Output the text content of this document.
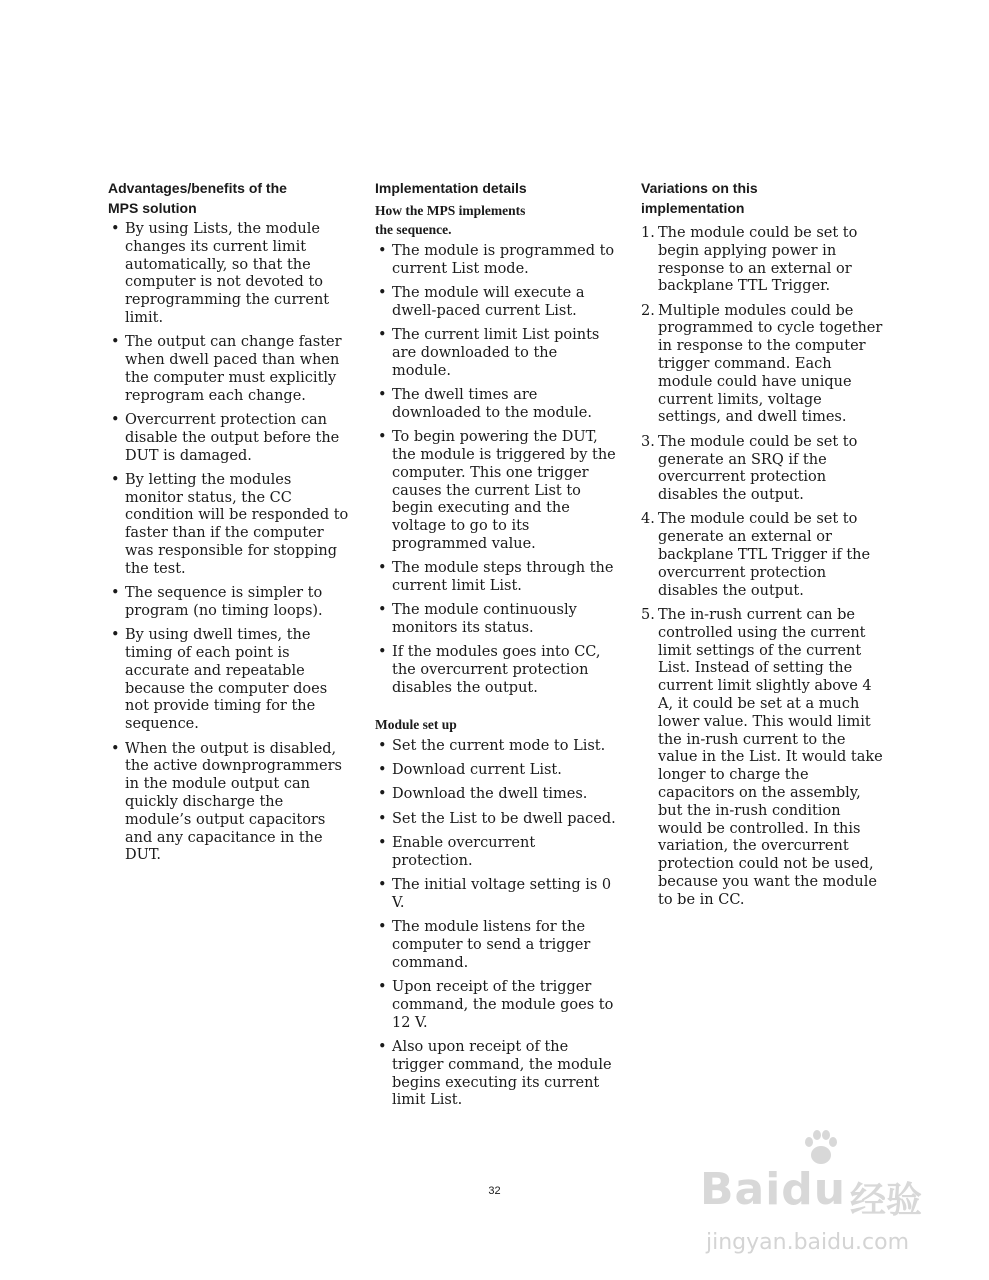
Advantages/benefits of the
MPS solution
• By using Lists, the module changes its current limit automatically, so that the computer is not devoted to reprogramming the current limit.
• The output can change faster when dwell paced than when the computer must explicitly reprogram each change.
• Overcurrent protection can disable the output before the DUT is damaged.
• By letting the modules monitor status, the CC condition will be responded to faster than if the computer was responsible for stopping the test.
• The sequence is simpler to program (no timing loops).
• By using dwell times, the timing of each point is accurate and repeatable because the computer does not provide timing for the sequence.
• When the output is disabled, the active downprogrammers in the module output can quickly discharge the module’s output capacitors and any capacitance in the DUT.
Implementation details
How the MPS implements
the sequence.
• The module is programmed to current List mode.
• The module will execute a dwell-paced current List.
• The current limit List points are downloaded to the module.
• The dwell times are downloaded to the module.
• To begin powering the DUT, the module is triggered by the computer. This one trigger causes the current List to begin executing and the voltage to go to its programmed value.
• The module steps through the current limit List.
• The module continuously monitors its status.
• If the modules goes into CC, the overcurrent protection disables the output.
Module set up
• Set the current mode to List.
• Download current List.
• Download the dwell times.
• Set the List to be dwell paced.
• Enable overcurrent protection.
• The initial voltage setting is 0 V.
• The module listens for the computer to send a trigger command.
• Upon receipt of the trigger command, the module goes to 12 V.
• Also upon receipt of the trigger command, the module begins executing its current limit List.
Variations on this
implementation
1. The module could be set to begin applying power in response to an external or backplane TTL Trigger.
2. Multiple modules could be programmed to cycle together in response to the computer trigger command. Each module could have unique current limits, voltage settings, and dwell times.
3. The module could be set to generate an SRQ if the overcurrent protection disables the output.
4. The module could be set to generate an external or backplane TTL Trigger if the overcurrent protection disables the output.
5. The in-rush current can be controlled using the current limit settings of the current List. Instead of setting the current limit slightly above 4 A, it could be set at a much lower value. This would limit the in-rush current to the value in the List. It would take longer to charge the capacitors on the assembly, but the in-rush condition would be controlled. In this variation, the overcurrent protection could not be used, because you want the module to be in CC.
32	Baidu 经验
jingyan.baidu.com
